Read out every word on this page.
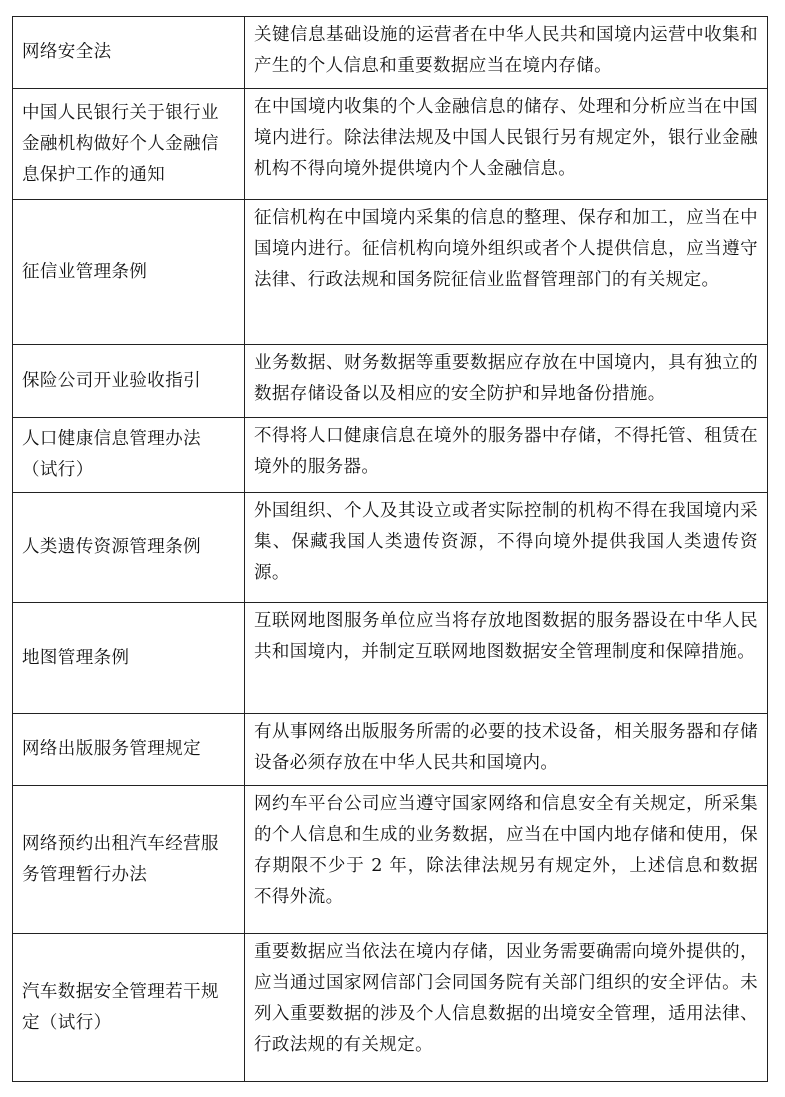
网络安全法	关键信息基础设施的运营者在中华人民共和国境内运营中收集和产生的个人信息和重要数据应当在境内存储。
中国人民银行关于银行业金融机构做好个人金融信息保护工作的通知	在中国境内收集的个人金融信息的储存、处理和分析应当在中国境内进行。除法律法规及中国人民银行另有规定外，银行业金融机构不得向境外提供境内个人金融信息。
征信业管理条例	征信机构在中国境内采集的信息的整理、保存和加工，应当在中国境内进行。征信机构向境外组织或者个人提供信息，应当遵守法律、行政法规和国务院征信业监督管理部门的有关规定。
保险公司开业验收指引	业务数据、财务数据等重要数据应存放在中国境内，具有独立的数据存储设备以及相应的安全防护和异地备份措施。
人口健康信息管理办法（试行）	不得将人口健康信息在境外的服务器中存储，不得托管、租赁在境外的服务器。
人类遗传资源管理条例	外国组织、个人及其设立或者实际控制的机构不得在我国境内采集、保藏我国人类遗传资源，不得向境外提供我国人类遗传资源。
地图管理条例	互联网地图服务单位应当将存放地图数据的服务器设在中华人民共和国境内，并制定互联网地图数据安全管理制度和保障措施。
网络出版服务管理规定	有从事网络出版服务所需的必要的技术设备，相关服务器和存储设备必须存放在中华人民共和国境内。
网络预约出租汽车经营服务管理暂行办法	网约车平台公司应当遵守国家网络和信息安全有关规定，所采集的个人信息和生成的业务数据，应当在中国内地存储和使用，保存期限不少于 2 年，除法律法规另有规定外，上述信息和数据不得外流。
汽车数据安全管理若干规定（试行）	重要数据应当依法在境内存储，因业务需要确需向境外提供的，应当通过国家网信部门会同国务院有关部门组织的安全评估。未列入重要数据的涉及个人信息数据的出境安全管理，适用法律、行政法规的有关规定。
